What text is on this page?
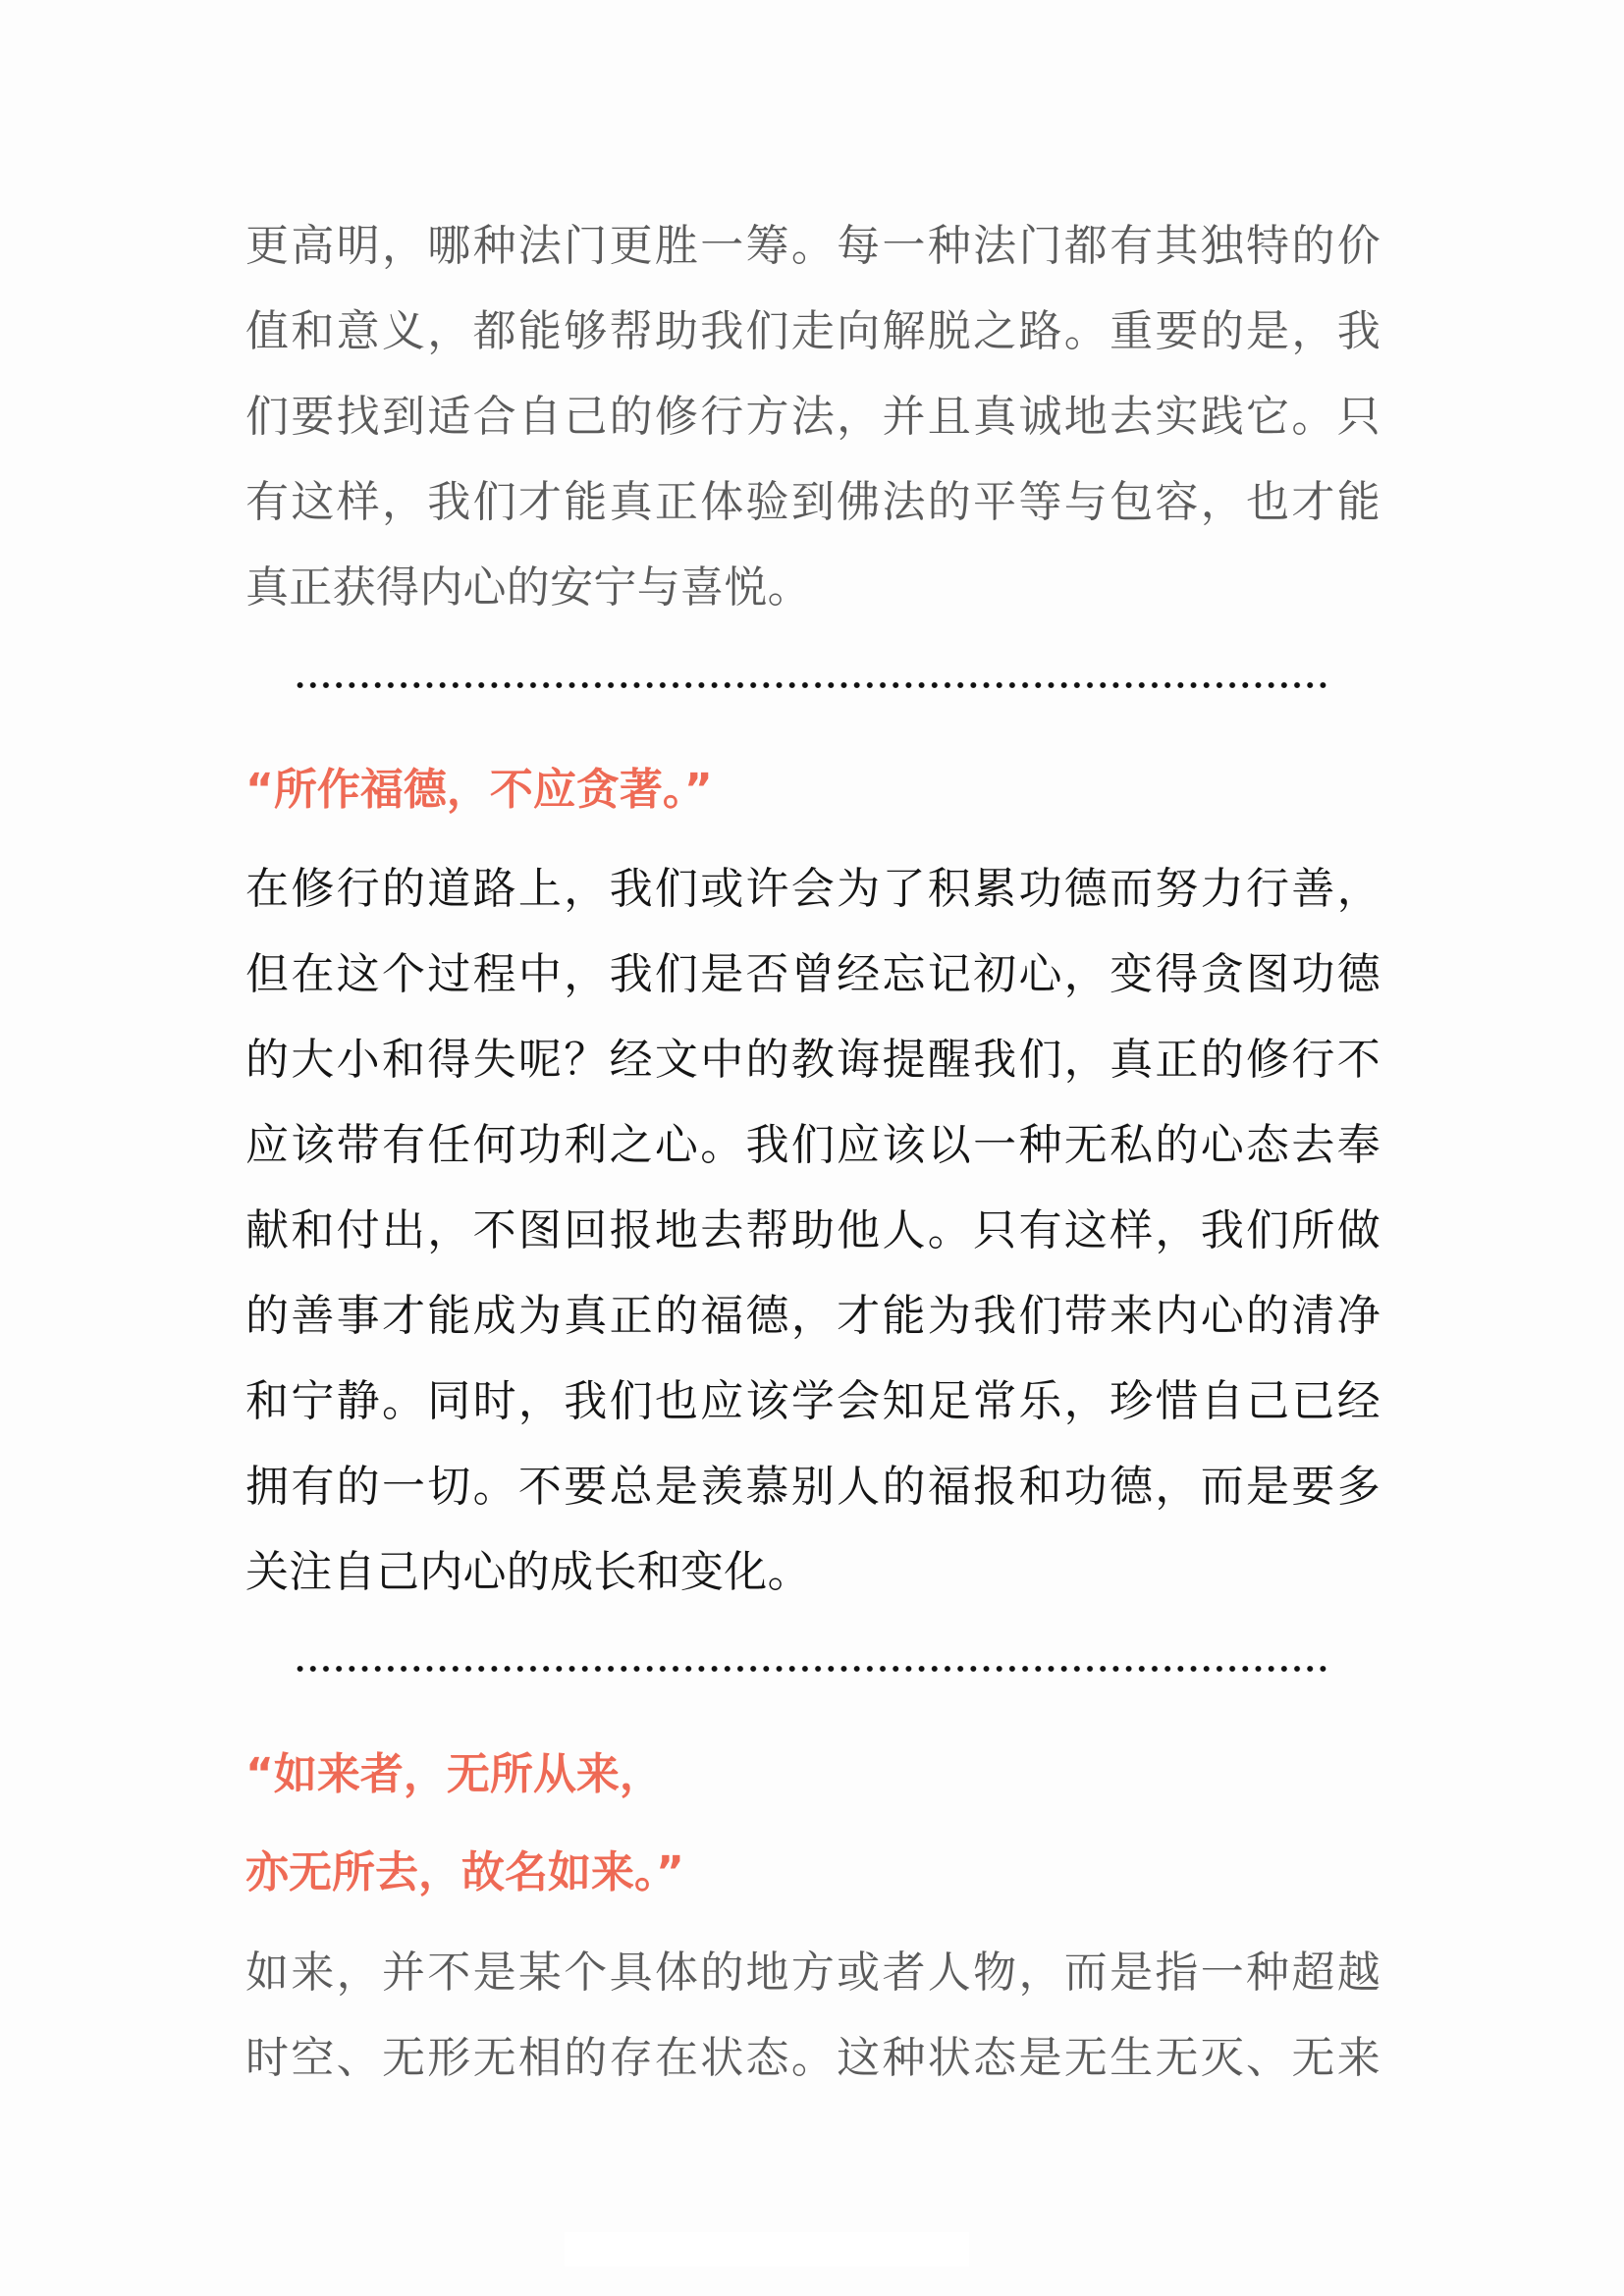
更高明，哪种法门更胜一筹。每一种法门都有其独特的价
值和意义，都能够帮助我们走向解脱之路。重要的是，我
们要找到适合自己的修行方法，并且真诚地去实践它。只
有这样，我们才能真正体验到佛法的平等与包容，也才能
真正获得内心的安宁与喜悦。
“所作福德，不应贪著。”
在修行的道路上，我们或许会为了积累功德而努力行善，
但在这个过程中，我们是否曾经忘记初心，变得贪图功德
的大小和得失呢？经文中的教诲提醒我们，真正的修行不
应该带有任何功利之心。我们应该以一种无私的心态去奉
献和付出，不图回报地去帮助他人。只有这样，我们所做
的善事才能成为真正的福德，才能为我们带来内心的清净
和宁静。同时，我们也应该学会知足常乐，珍惜自己已经
拥有的一切。不要总是羡慕别人的福报和功德，而是要多
关注自己内心的成长和变化。
“如来者，无所从来，
亦无所去，故名如来。”
如来，并不是某个具体的地方或者人物，而是指一种超越
时空、无形无相的存在状态。这种状态是无生无灭、无来
